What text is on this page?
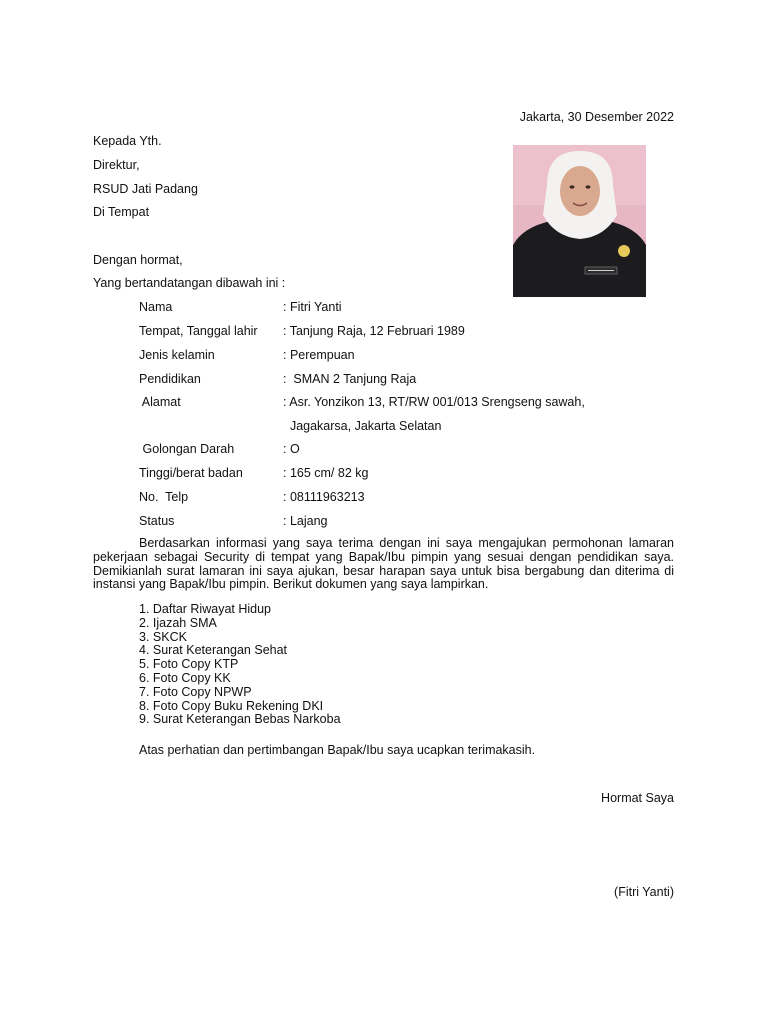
Jakarta, 30 Desember 2022
Kepada Yth.
Direktur,
RSUD Jati Padang
Di Tempat
Dengan hormat,
Yang bertandatangan dibawah ini :
Nama	: Fitri Yanti
Tempat, Tanggal lahir : Tanjung Raja, 12 Februari 1989
Jenis kelamin	: Perempuan
Pendidikan	:  SMAN 2 Tanjung Raja
Alamat	: Asr. Yonzikon 13, RT/RW 001/013 Srengseng sawah,
Jagakarsa, Jakarta Selatan
Golongan Darah	: O
Tinggi/berat badan	: 165 cm/ 82 kg
No.  Telp	: 08111963213
Status	: Lajang
Berdasarkan informasi yang saya terima dengan ini saya mengajukan permohonan lamaran pekerjaan sebagai Security di tempat yang Bapak/Ibu pimpin yang sesuai dengan pendidikan saya. Demikianlah surat lamaran ini saya ajukan, besar harapan saya untuk bisa bergabung dan diterima di instansi yang Bapak/Ibu pimpin. Berikut dokumen yang saya lampirkan.
1. Daftar Riwayat Hidup
2. Ijazah SMA
3. SKCK
4. Surat Keterangan Sehat
5. Foto Copy KTP
6. Foto Copy KK
7. Foto Copy NPWP
8. Foto Copy Buku Rekening DKI
9. Surat Keterangan Bebas Narkoba
Atas perhatian dan pertimbangan Bapak/Ibu saya ucapkan terimakasih.
Hormat Saya
(Fitri Yanti)
